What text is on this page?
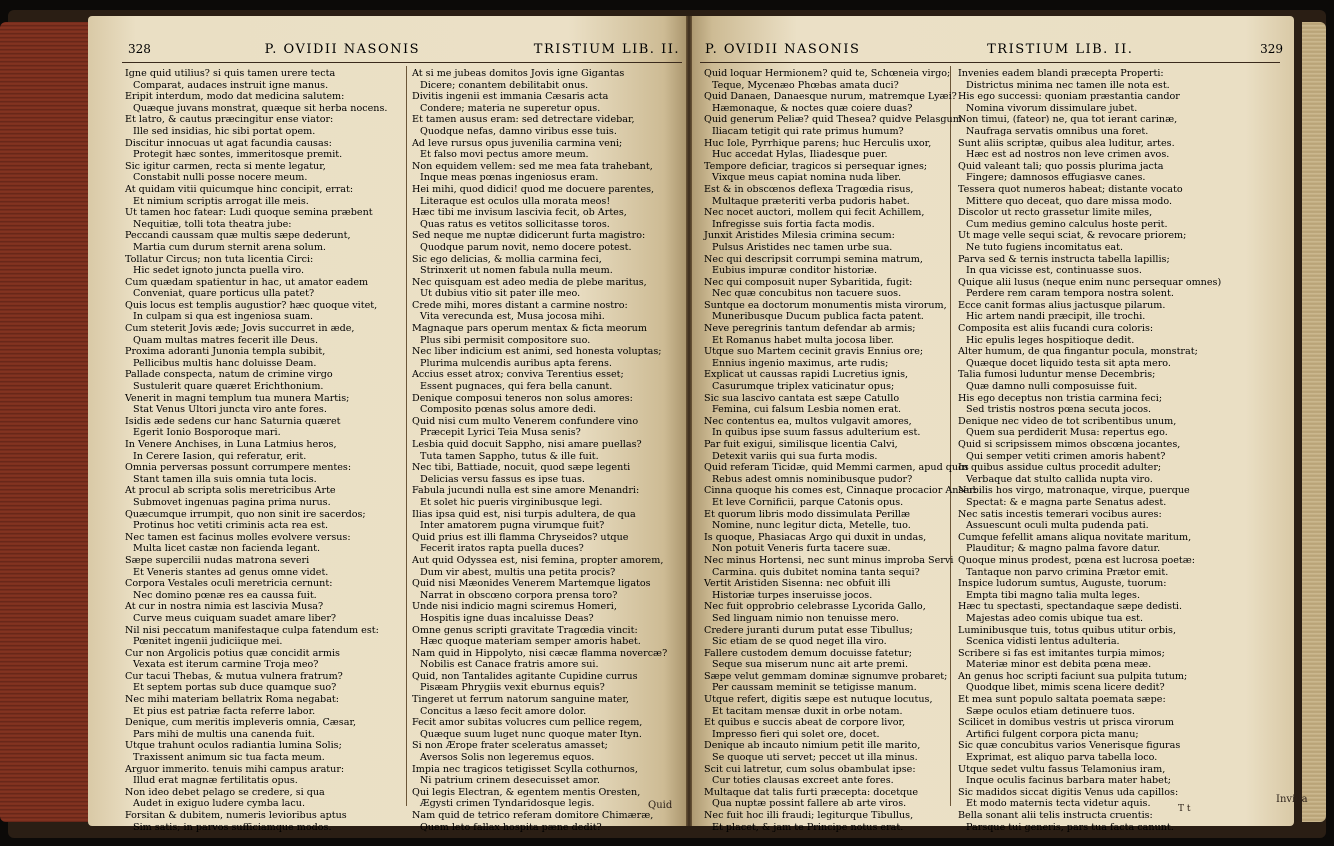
328	P. OVIDII NASONIS	TRISTIUM LIB. II. P. OVIDII NASONIS	TRISTIUM LIB. II.	329
Igne quid utilius? si quis tamen urere tecta
Comparat, audaces instruit igne manus.
Eripit interdum, modo dat medicina salutem:
Quæque juvans monstrat, quæque sit herba nocens.
Et latro, & cautus præcingitur ense viator:
Ille sed insidias, hic sibi portat opem.
Discitur innocuas ut agat facundia causas:
Protegit hæc sontes, immeritosque premit.
Sic igitur carmen, recta si mente legatur,
Constabit nulli posse nocere meum.
At quidam vitii quicumque hinc concipit, errat:
Et nimium scriptis arrogat ille meis.
Ut tamen hoc fatear: Ludi quoque semina præbent
Nequitiæ, tolli tota theatra jube:
Peccandi caussam quæ multis sæpe dederunt,
Martia cum durum sternit arena solum.
Tollatur Circus; non tuta licentia Circi:
Hic sedet ignoto juncta puella viro.
Cum quædam spatientur in hac, ut amator eadem
Conveniat, quare porticus ulla patet?
Quis locus est templis augustior? hæc quoque vitet,
In culpam si qua est ingeniosa suam.
Cum steterit Jovis æde; Jovis succurret in æde,
Quam multas matres fecerit ille Deus.
Proxima adoranti Junonia templa subibit,
Pellicibus multis hanc doluisse Deam.
Pallade conspecta, natum de crimine virgo
Sustulerit quare quæret Erichthonium.
Venerit in magni templum tua munera Martis;
Stat Venus Ultori juncta viro ante fores.
Isidis æde sedens cur hanc Saturnia quæret
Egerit Ionio Bosporoque mari.
In Venere Anchises, in Luna Latmius heros,
In Cerere Iasion, qui referatur, erit.
Omnia perversas possunt corrumpere mentes:
Stant tamen illa suis omnia tuta locis.
At procul ab scripta solis meretricibus Arte
Submovet ingenuas pagina prima nurus.
Quæcumque irrumpit, quo non sinit ire sacerdos;
Protinus hoc vetiti criminis acta rea est.
Nec tamen est facinus molles evolvere versus:
Multa licet castæ non facienda legant.
Sæpe supercilii nudas matrona severi
Et Veneris stantes ad genus omne videt.
Corpora Vestales oculi meretricia cernunt:
Nec domino pœnæ res ea caussa fuit.
At cur in nostra nimia est lascivia Musa?
Curve meus cuiquam suadet amare liber?
Nil nisi peccatum manifestaque culpa fatendum est:
Pœnitet ingenii judiciique mei.
Cur non Argolicis potius quæ concidit armis
Vexata est iterum carmine Troja meo?
Cur tacui Thebas, & mutua vulnera fratrum?
Et septem portas sub duce quamque suo?
Nec mihi materiam bellatrix Roma negabat:
Et pius est patriæ facta referre labor.
Denique, cum meritis impleveris omnia, Cæsar,
Pars mihi de multis una canenda fuit.
Utque trahunt oculos radiantia lumina Solis;
Traxissent animum sic tua facta meum.
Arguor immerito. tenuis mihi campus aratur:
Illud erat magnæ fertilitatis opus.
Non ideo debet pelago se credere, si qua
Audet in exiguo ludere cymba lacu.
Forsitan & dubitem, numeris levioribus aptus
Sim satis; in parvos sufficiamque modos.
At si me jubeas domitos Jovis igne Gigantas
Dicere; conantem debilitabit onus.
Divitis ingenii est immania Cæsaris acta
Condere; materia ne superetur opus.
Et tamen ausus eram: sed detrectare videbar,
Quodque nefas, damno viribus esse tuis.
Ad leve rursus opus juvenilia carmina veni;
Et falso movi pectus amore meum.
Non equidem vellem: sed me mea fata trahebant,
Inque meas pœnas ingeniosus eram.
Hei mihi, quod didici! quod me docuere parentes,
Literaque est oculos ulla morata meos!
Hæc tibi me invisum lascivia fecit, ob Artes,
Quas ratus es vetitos sollicitasse toros.
Sed neque me nuptæ didicerunt furta magistro:
Quodque parum novit, nemo docere potest.
Sic ego delicias, & mollia carmina feci,
Strinxerit ut nomen fabula nulla meum.
Nec quisquam est adeo media de plebe maritus,
Ut dubius vitio sit pater ille meo.
Crede mihi, mores distant a carmine nostro:
Vita verecunda est, Musa jocosa mihi.
Magnaque pars operum mentax & ficta meorum
Plus sibi permisit compositore suo.
Nec liber indicium est animi, sed honesta voluptas;
Plurima mulcendis auribus apta ferens.
Accius esset atrox; conviva Terentius esset;
Essent pugnaces, qui fera bella canunt.
Denique composui teneros non solus amores:
Composito pœnas solus amore dedi.
Quid nisi cum multo Venerem confundere vino
Præcepit Lyrici Teia Musa senis?
Lesbia quid docuit Sappho, nisi amare puellas?
Tuta tamen Sappho, tutus & ille fuit.
Nec tibi, Battiade, nocuit, quod sæpe legenti
Delicias versu fassus es ipse tuas.
Fabula jucundi nulla est sine amore Menandri:
Et solet hic pueris virginibusque legi.
Ilias ipsa quid est, nisi turpis adultera, de qua
Inter amatorem pugna virumque fuit?
Quid prius est illi flamma Chryseidos? utque
Fecerit iratos rapta puella duces?
Aut quid Odyssea est, nisi femina, propter amorem,
Dum vir abest, multis una petita procis?
Quid nisi Mæonides Venerem Martemque ligatos
Narrat in obscœno corpora prensa toro?
Unde nisi indicio magni sciremus Homeri,
Hospitis igne duas incaluisse Deas?
Omne genus scripti gravitate Tragœdia vincit:
Hæc quoque materiam semper amoris habet.
Nam quid in Hippolyto, nisi cæcæ flamma novercæ?
Nobilis est Canace fratris amore sui.
Quid, non Tantalides agitante Cupidine currus
Pisæam Phrygiis vexit eburnus equis?
Tingeret ut ferrum natorum sanguine mater,
Concitus a læso fecit amore dolor.
Fecit amor subitas volucres cum pellice regem,
Quæque suum luget nunc quoque mater Ityn.
Si non Ærope frater sceleratus amasset;
Aversos Solis non legeremus equos.
Impia nec tragicos tetigisset Scylla cothurnos,
Ni patrium crinem desecuisset amor.
Qui legis Electran, & egentem mentis Oresten,
Ægysti crimen Tyndaridosque legis.
Nam quid de tetrico referam domitore Chimæræ,
Quem leto fallax hospita pæne dedit?
Quid loquar Hermionem? quid te, Schœneia virgo;
Teque, Mycenæo Phœbas amata duci?
Quid Danaen, Danaesque nurum, matremque Lyæi?
Hæmonaque, & noctes quæ coiere duas?
Quid generum Peliæ? quid Thesea? quidve Pelasgum
Iliacam tetigit qui rate primus humum?
Huc Iole, Pyrrhique parens; huc Herculis uxor,
Huc accedat Hylas, Iliadesque puer.
Tempore deficiar, tragicos si persequar ignes;
Vixque meus capiat nomina nuda liber.
Est & in obscœnos deflexa Tragœdia risus,
Multaque præteriti verba pudoris habet.
Nec nocet auctori, mollem qui fecit Achillem,
Infregisse suis fortia facta modis.
Junxit Aristides Milesia crimina secum:
Pulsus Aristides nec tamen urbe sua.
Nec qui descripsit corrumpi semina matrum,
Eubius impuræ conditor historiæ.
Nec qui composuit nuper Sybaritida, fugit:
Nec quæ concubitus non tacuere suos.
Suntque ea doctorum monumentis mista virorum,
Muneribusque Ducum publica facta patent.
Neve peregrinis tantum defendar ab armis;
Et Romanus habet multa jocosa liber.
Utque suo Martem cecinit gravis Ennius ore;
Ennius ingenio maximus, arte rudis;
Explicat ut caussas rapidi Lucretius ignis,
Casurumque triplex vaticinatur opus;
Sic sua lascivo cantata est sæpe Catullo
Femina, cui falsum Lesbia nomen erat.
Nec contentus ea, multos vulgavit amores,
In quibus ipse suum fassus adulterium est.
Par fuit exigui, similisque licentia Calvi,
Detexit variis qui sua furta modis.
Quid referam Ticidæ, quid Memmi carmen, apud quos
Rebus adest omnis nominibusque pudor?
Cinna quoque his comes est, Cinnaque procacior Anser:
Et leve Cornificii, parque Catonis opus.
Et quorum libris modo dissimulata Perillæ
Nomine, nunc legitur dicta, Metelle, tuo.
Is quoque, Phasiacas Argo qui duxit in undas,
Non potuit Veneris furta tacere suæ.
Nec minus Hortensi, nec sunt minus improba Servi
Carmina. quis dubitet nomina tanta sequi?
Vertit Aristiden Sisenna: nec obfuit illi
Historiæ turpes inseruisse jocos.
Nec fuit opprobrio celebrasse Lycorida Gallo,
Sed linguam nimio non tenuisse mero.
Credere juranti durum putat esse Tibullus;
Sic etiam de se quod neget illa viro.
Fallere custodem demum docuisse fatetur;
Seque sua miserum nunc ait arte premi.
Sæpe velut gemmam dominæ signumve probaret;
Per caussam meminit se tetigisse manum.
Utque refert, digitis sæpe est nutuque locutus,
Et tacitam mensæ duxit in orbe notam.
Et quibus e succis abeat de corpore livor,
Impresso fieri qui solet ore, docet.
Denique ab incauto nimium petit ille marito,
Se quoque uti servet; peccet ut illa minus.
Scit cui latretur, cum solus obambulat ipse:
Cur toties clausas excreet ante fores.
Multaque dat talis furti præcepta: docetque
Qua nuptæ possint fallere ab arte viros.
Nec fuit hoc illi fraudi; legiturque Tibullus,
Et placet, & jam te Principe notus erat.
Invenies eadem blandi præcepta Properti:
Districtus minima nec tamen ille nota est.
His ego successi: quoniam præstantia candor
Nomina vivorum dissimulare jubet.
Non timui, (fateor) ne, qua tot ierant carinæ,
Naufraga servatis omnibus una foret.
Sunt aliis scriptæ, quibus alea luditur, artes.
Hæc est ad nostros non leve crimen avos.
Quid valeant tali; quo possis plurima jacta
Fingere; damnosos effugiasve canes.
Tessera quot numeros habeat; distante vocato
Mittere quo deceat, quo dare missa modo.
Discolor ut recto grassetur limite miles,
Cum medius gemino calculus hoste perit.
Ut mage velle sequi sciat, & revocare priorem;
Ne tuto fugiens incomitatus eat.
Parva sed & ternis instructa tabella lapillis;
In qua vicisse est, continuasse suos.
Quique alii lusus (neque enim nunc persequar omnes)
Perdere rem caram tempora nostra solent.
Ecce canit formas alius jactusque pilarum.
Hic artem nandi præcipit, ille trochi.
Composita est aliis fucandi cura coloris:
Hic epulis leges hospitioque dedit.
Alter humum, de qua fingantur pocula, monstrat;
Quæque docet liquido testa sit apta mero.
Talia fumosi luduntur mense Decembris;
Quæ damno nulli composuisse fuit.
His ego deceptus non tristia carmina feci;
Sed tristis nostros pœna secuta jocos.
Denique nec video de tot scribentibus unum,
Quem sua perdiderit Musa: repertus ego.
Quid si scripsissem mimos obscœna jocantes,
Qui semper vetiti crimen amoris habent?
In quibus assidue cultus procedit adulter;
Verbaque dat stulto callida nupta viro.
Nubilis hos virgo, matronaque, virque, puerque
Spectat: & e magna parte Senatus adest.
Nec satis incestis temerari vocibus aures:
Assuescunt oculi multa pudenda pati.
Cumque fefellit amans aliqua novitate maritum,
Plauditur; & magno palma favore datur.
Quoque minus prodest, pœna est lucrosa poetæ:
Tantaque non parvo crimina Prætor emit.
Inspice ludorum sumtus, Auguste, tuorum:
Empta tibi magno talia multa leges.
Hæc tu spectasti, spectandaque sæpe dedisti.
Majestas adeo comis ubique tua est.
Luminibusque tuis, totus quibus utitur orbis,
Scenica vidisti lentus adulteria.
Scribere si fas est imitantes turpia mimos;
Materiæ minor est debita pœna meæ.
An genus hoc scripti faciunt sua pulpita tutum;
Quodque libet, mimis scena licere dedit?
Et mea sunt populo saltata poemata sæpe:
Sæpe oculos etiam detinuere tuos.
Scilicet in domibus vestris ut prisca virorum
Artifici fulgent corpora picta manu;
Sic quæ concubitus varios Venerisque figuras
Exprimat, est aliquo parva tabella loco.
Utque sedet vultu fassus Telamonius iram,
Inque oculis facinus barbara mater habet;
Sic madidos siccat digitis Venus uda capillos:
Et modo maternis tecta videtur aquis.
Bella sonant alii telis instructa cruentis:
Parsque tui generis, pars tua facta canunt.
Quid	T t
Invida
